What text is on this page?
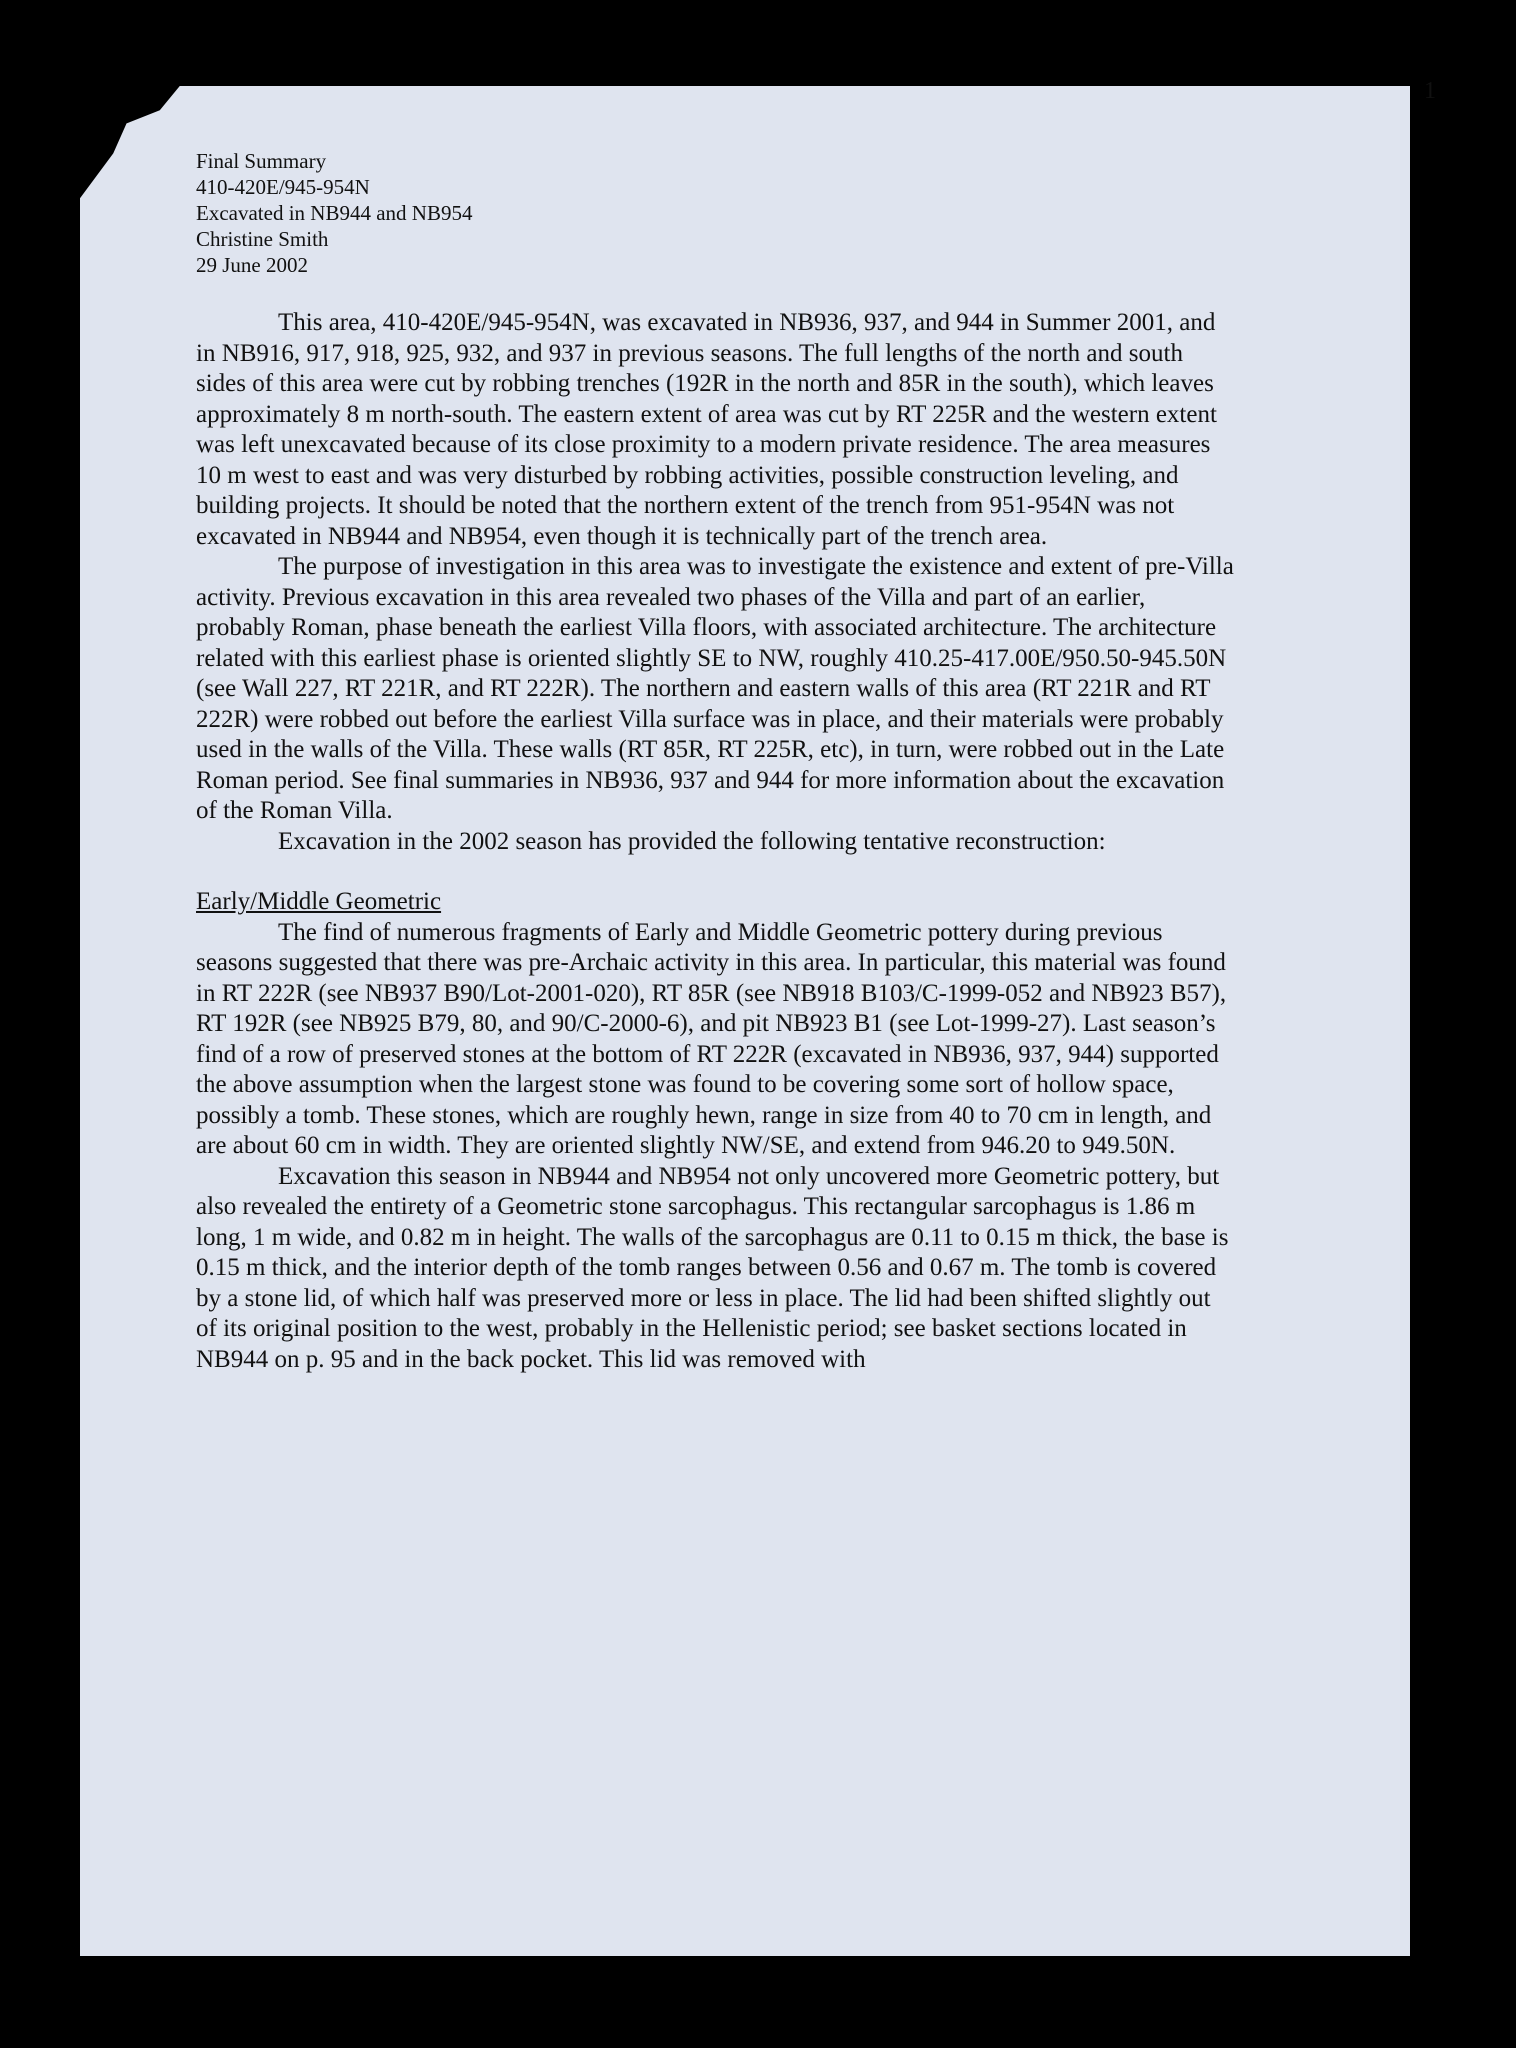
1
Final Summary
410-420E/945-954N
Excavated in NB944 and NB954
Christine Smith
29 June 2002

This area, 410-420E/945-954N, was excavated in NB936, 937, and 944 in Summer 2001, and in NB916, 917, 918, 925, 932, and 937 in previous seasons. The full lengths of the north and south sides of this area were cut by robbing trenches (192R in the north and 85R in the south), which leaves approximately 8 m north-south. The eastern extent of area was cut by RT 225R and the western extent was left unexcavated because of its close proximity to a modern private residence. The area measures 10 m west to east and was very disturbed by robbing activities, possible construction leveling, and building projects. It should be noted that the northern extent of the trench from 951-954N was not excavated in NB944 and NB954, even though it is technically part of the trench area.

The purpose of investigation in this area was to investigate the existence and extent of pre-Villa activity. Previous excavation in this area revealed two phases of the Villa and part of an earlier, probably Roman, phase beneath the earliest Villa floors, with associated architecture. The architecture related with this earliest phase is oriented slightly SE to NW, roughly 410.25-417.00E/950.50-945.50N (see Wall 227, RT 221R, and RT 222R). The northern and eastern walls of this area (RT 221R and RT 222R) were robbed out before the earliest Villa surface was in place, and their materials were probably used in the walls of the Villa. These walls (RT 85R, RT 225R, etc), in turn, were robbed out in the Late Roman period. See final summaries in NB936, 937 and 944 for more information about the excavation of the Roman Villa.

Excavation in the 2002 season has provided the following tentative reconstruction:

Early/Middle Geometric

The find of numerous fragments of Early and Middle Geometric pottery during previous seasons suggested that there was pre-Archaic activity in this area. In particular, this material was found in RT 222R (see NB937 B90/Lot-2001-020), RT 85R (see NB918 B103/C-1999-052 and NB923 B57), RT 192R (see NB925 B79, 80, and 90/C-2000-6), and pit NB923 B1 (see Lot-1999-27). Last season’s find of a row of preserved stones at the bottom of RT 222R (excavated in NB936, 937, 944) supported the above assumption when the largest stone was found to be covering some sort of hollow space, possibly a tomb. These stones, which are roughly hewn, range in size from 40 to 70 cm in length, and are about 60 cm in width. They are oriented slightly NW/SE, and extend from 946.20 to 949.50N.

Excavation this season in NB944 and NB954 not only uncovered more Geometric pottery, but also revealed the entirety of a Geometric stone sarcophagus. This rectangular sarcophagus is 1.86 m long, 1 m wide, and 0.82 m in height. The walls of the sarcophagus are 0.11 to 0.15 m thick, the base is 0.15 m thick, and the interior depth of the tomb ranges between 0.56 and 0.67 m. The tomb is covered by a stone lid, of which half was preserved more or less in place. The lid had been shifted slightly out of its original position to the west, probably in the Hellenistic period; see basket sections located in NB944 on p. 95 and in the back pocket. This lid was removed with
